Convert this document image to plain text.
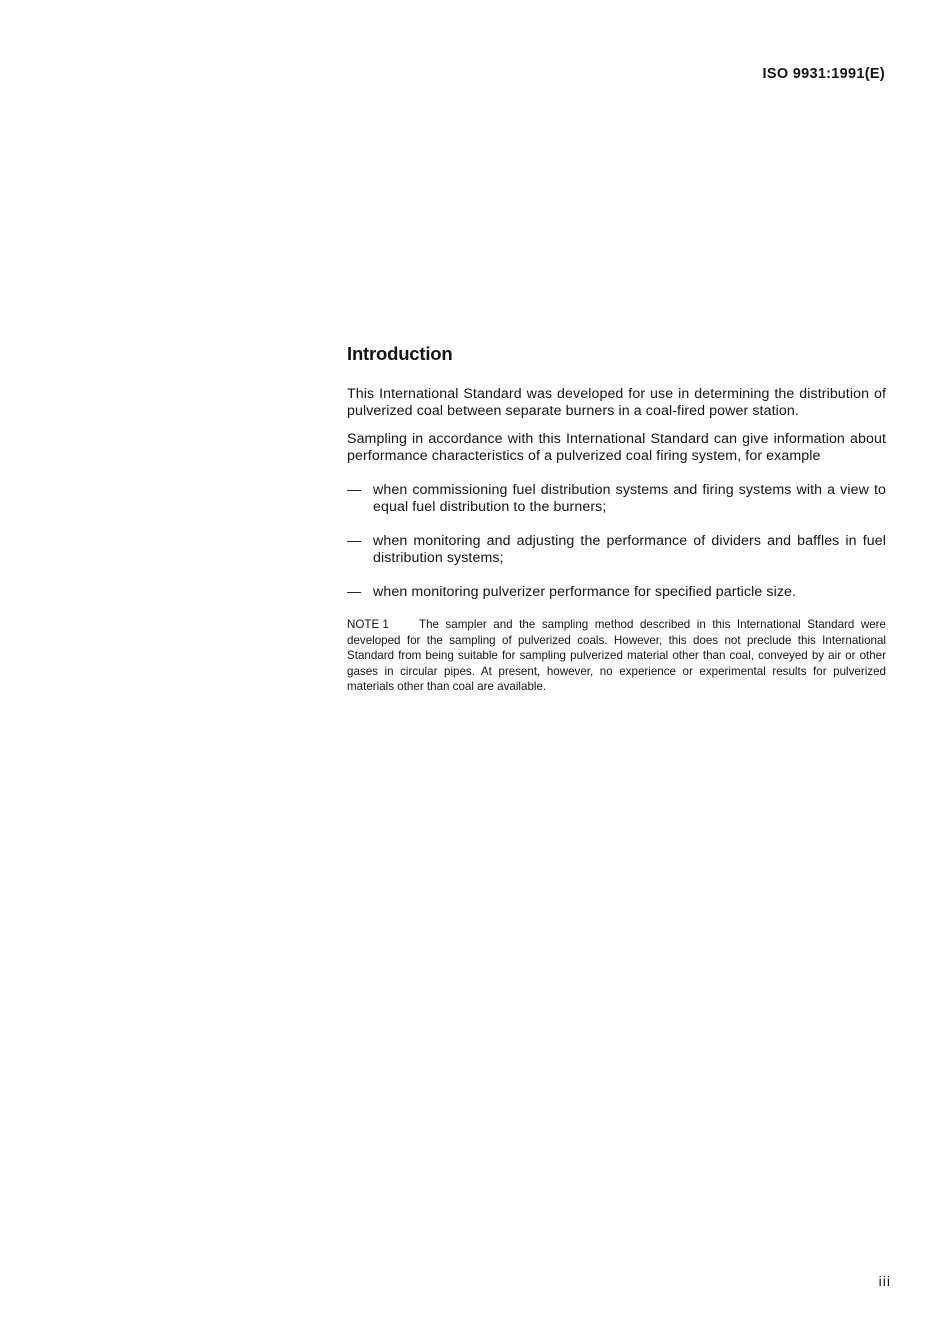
ISO 9931:1991(E)
Introduction

This International Standard was developed for use in determining the distribution of pulverized coal between separate burners in a coal-fired power station.

Sampling in accordance with this International Standard can give information about performance characteristics of a pulverized coal firing system, for example

— when commissioning fuel distribution systems and firing systems with a view to equal fuel distribution to the burners;
— when monitoring and adjusting the performance of dividers and baffles in fuel distribution systems;
— when monitoring pulverizer performance for specified particle size.

NOTE 1	The sampler and the sampling method described in this International Standard were developed for the sampling of pulverized coals. However, this does not preclude this International Standard from being suitable for sampling pulverized material other than coal, conveyed by air or other gases in circular pipes. At present, however, no experience or experimental results for pulverized materials other than coal are available.

iii
